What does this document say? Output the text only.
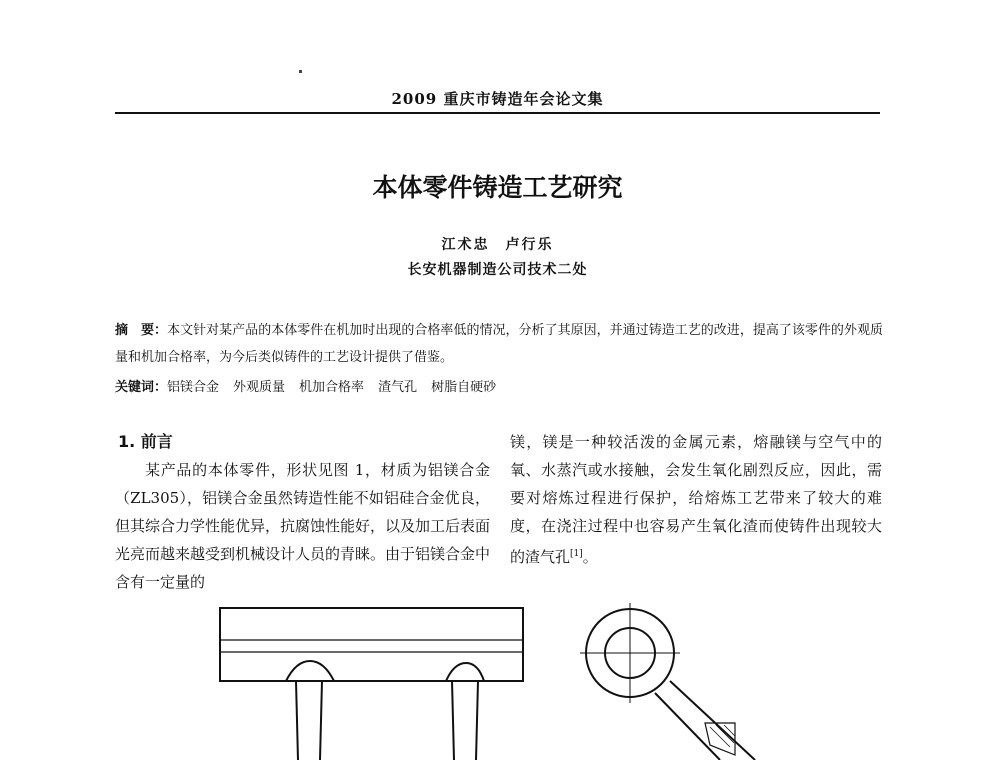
2009 重庆市铸造年会论文集
本体零件铸造工艺研究
江术忠　卢行乐
长安机器制造公司技术二处
摘　要：本文针对某产品的本体零件在机加时出现的合格率低的情况，分析了其原因，并通过铸造工艺的改进，提高了该零件的外观质量和机加合格率，为今后类似铸件的工艺设计提供了借鉴。
关键词：铝镁合金 外观质量 机加合格率 渣气孔 树脂自硬砂
1. 前言
某产品的本体零件，形状见图 1，材质为铝镁合金（ZL305），铝镁合金虽然铸造性能不如铝硅合金优良，但其综合力学性能优异，抗腐蚀性能好，以及加工后表面光亮而越来越受到机械设计人员的青睐。由于铝镁合金中含有一定量的
镁，镁是一种较活泼的金属元素，熔融镁与空气中的氧、水蒸汽或水接触，会发生氧化剧烈反应，因此，需要对熔炼过程进行保护，给熔炼工艺带来了较大的难度，在浇注过程中也容易产生氧化渣而使铸件出现较大的渣气孔[1]。
